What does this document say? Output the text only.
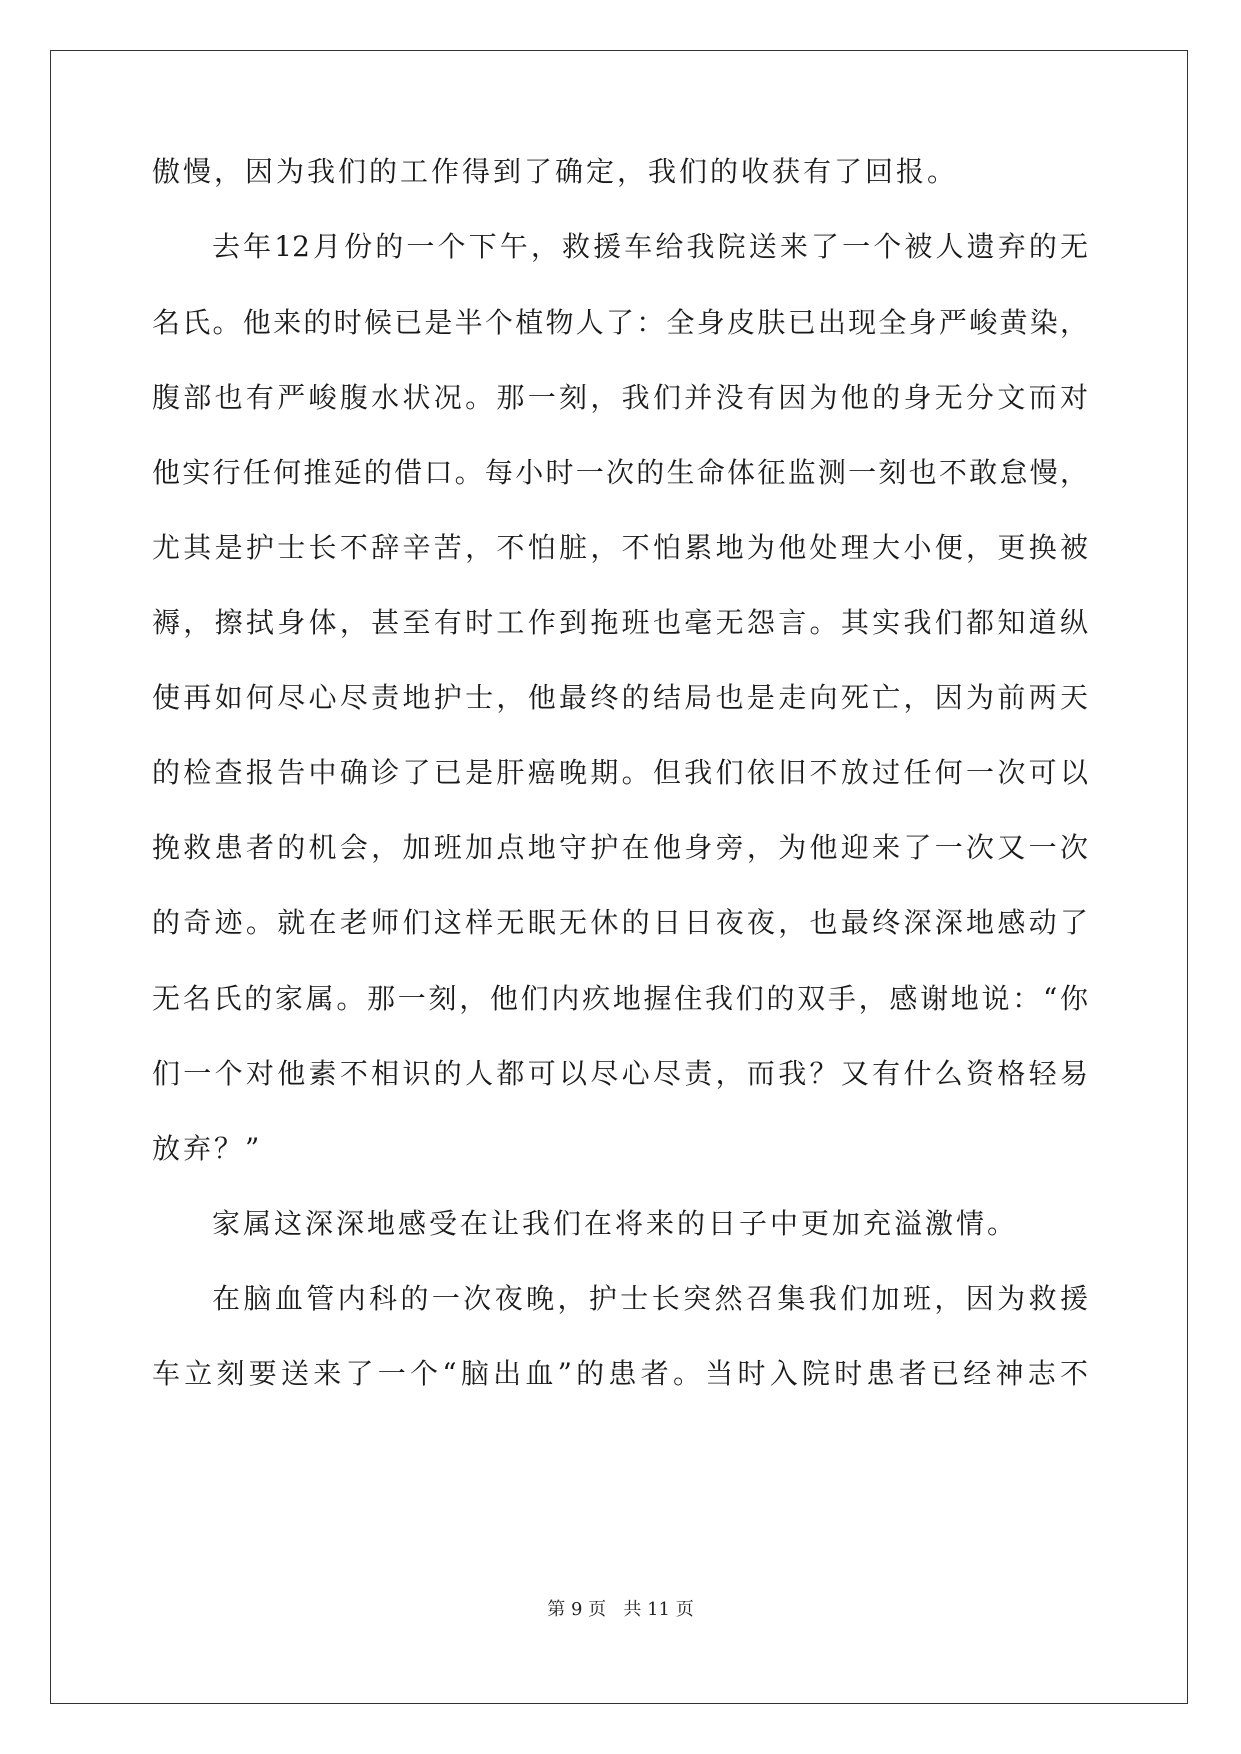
傲慢，因为我们的工作得到了确定，我们的收获有了回报。
去年12月份的一个下午，救援车给我院送来了一个被人遗弃的无
名氏。他来的时候已是半个植物人了：全身皮肤已出现全身严峻黄染，
腹部也有严峻腹水状况。那一刻，我们并没有因为他的身无分文而对
他实行任何推延的借口。每小时一次的生命体征监测一刻也不敢怠慢，
尤其是护士长不辞辛苦，不怕脏，不怕累地为他处理大小便，更换被
褥，擦拭身体，甚至有时工作到拖班也毫无怨言。其实我们都知道纵
使再如何尽心尽责地护士，他最终的结局也是走向死亡，因为前两天
的检查报告中确诊了已是肝癌晚期。但我们依旧不放过任何一次可以
挽救患者的机会，加班加点地守护在他身旁，为他迎来了一次又一次
的奇迹。就在老师们这样无眠无休的日日夜夜，也最终深深地感动了
无名氏的家属。那一刻，他们内疚地握住我们的双手，感谢地说：“你
们一个对他素不相识的人都可以尽心尽责，而我？又有什么资格轻易
放弃？”
家属这深深地感受在让我们在将来的日子中更加充溢激情。
在脑血管内科的一次夜晚，护士长突然召集我们加班，因为救援
车立刻要送来了一个“脑出血”的患者。当时入院时患者已经神志不
第 9 页   共 11 页
